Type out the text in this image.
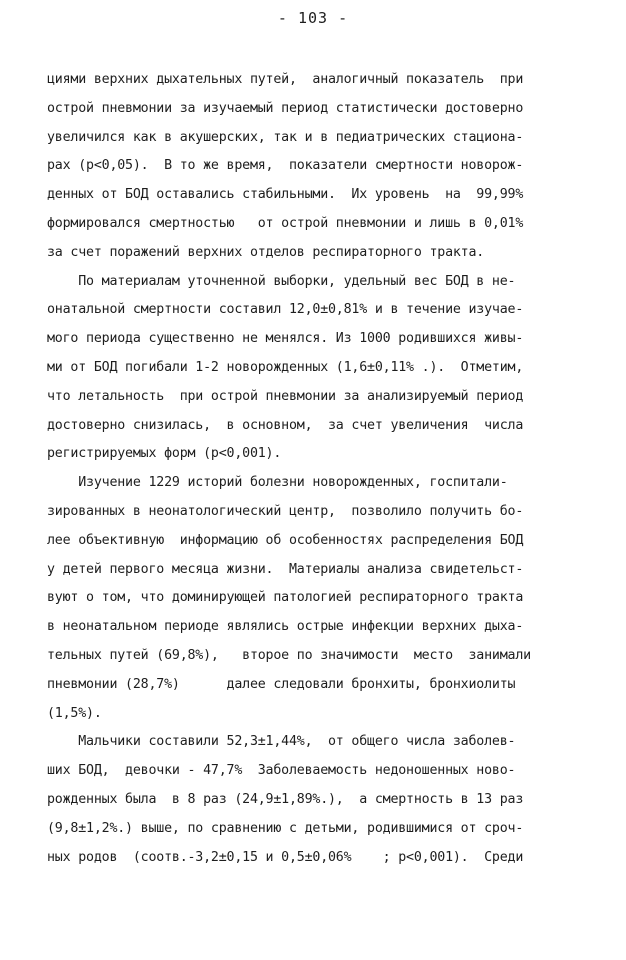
- 103 -
циями верхних дыхательных путей,  аналогичный показатель  при
острой пневмонии за изучаемый период статистически достоверно
увеличился как в акушерских, так и в педиатрических стациона-
рах (p<0,05).  В то же время,  показатели смертности новорож-
денных от БОД оставались стабильными.  Их уровень  на  99,99%
формировался смертностью   от острой пневмонии и лишь в 0,01%
за счет поражений верхних отделов респираторного тракта.
По материалам уточненной выборки, удельный вес БОД в не-
онатальной смертности составил 12,0±0,81% и в течение изучае-
мого периода существенно не менялся. Из 1000 родившихся живы-
ми от БОД погибали 1-2 новорожденных (1,6±0,11% .).  Отметим,
что летальность  при острой пневмонии за анализируемый период
достоверно снизилась,  в основном,  за счет увеличения  числа
регистрируемых форм (p<0,001).
Изучение 1229 историй болезни новорожденных, госпитали-
зированных в неонатологический центр,  позволило получить бо-
лее объективную  информацию об особенностях распределения БОД
у детей первого месяца жизни.  Материалы анализа свидетельст-
вуют о том, что доминирующей патологией респираторного тракта
в неонатальном периоде являлись острые инфекции верхних дыха-
тельных путей (69,8%),   второе по значимости  место  занимали
пневмонии (28,7%)      далее следовали бронхиты, бронхиолиты
(1,5%).
Мальчики составили 52,3±1,44%,  от общего числа заболев-
ших БОД,  девочки - 47,7%  Заболеваемость недоношенных ново-
рожденных была  в 8 раз (24,9±1,89%.),  а смертность в 13 раз
(9,8±1,2%.) выше, по сравнению с детьми, родившимися от сроч-
ных родов  (соотв.-3,2±0,15 и 0,5±0,06%    ; p<0,001).  Среди
